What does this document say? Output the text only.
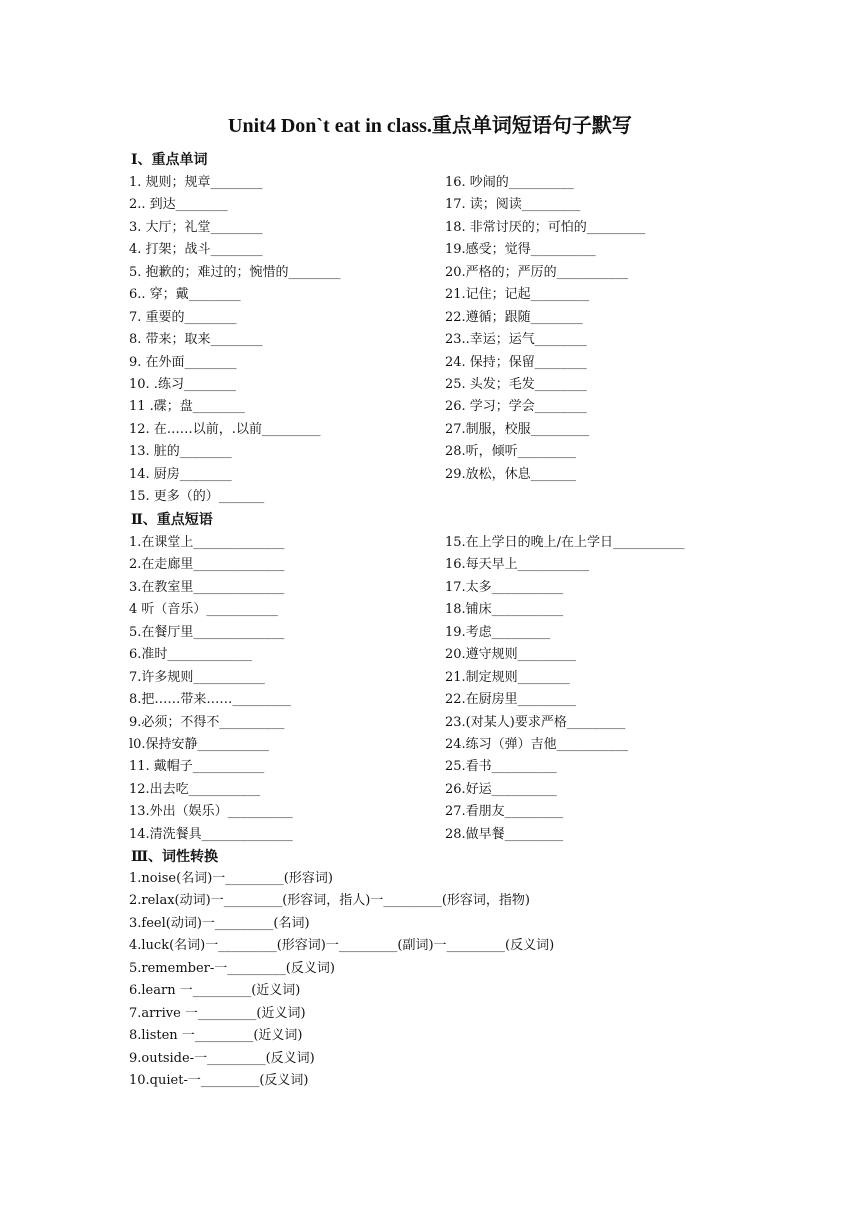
Unit4 Don`t eat in class.重点单词短语句子默写
Ⅰ、重点单词
1. 规则；规章________
2.. 到达________
3. 大厅；礼堂________
4. 打架；战斗________
5. 抱歉的；难过的；惋惜的________
6.. 穿；戴________
7. 重要的________
8. 带来；取来________
9. 在外面________
10. .练习________
11 .碟；盘________
12. 在……以前，.以前_________
13. 脏的________
14. 厨房________
15. 更多（的）_______
16. 吵闹的__________
17. 读；阅读_________
18. 非常讨厌的；可怕的_________
19.感受；觉得__________
20.严格的；严厉的___________
21.记住；记起_________
22.遵循；跟随________
23..幸运；运气________
24. 保持；保留________
25. 头发；毛发________
26. 学习；学会________
27.制服，校服_________
28.听，倾听_________
29.放松，休息_______
Ⅱ、重点短语
1.在课堂上______________
2.在走廊里______________
3.在教室里______________
4 听（音乐）___________
5.在餐厅里______________
6.准时_____________
7.许多规则___________
8.把……带来……_________
9.必须；不得不__________
l0.保持安静___________
11. 戴帽子___________
12.出去吃___________
13.外出（娱乐）__________
14.清洗餐具______________
15.在上学日的晚上/在上学日___________
16.每天早上___________
17.太多___________
18.铺床___________
19.考虑_________
20.遵守规则_________
21.制定规则________
22.在厨房里_________
23.(对某人)要求严格_________
24.练习（弹）吉他___________
25.看书__________
26.好运__________
27.看朋友_________
28.做早餐_________
Ⅲ、词性转换
1.noise(名词)一_________(形容词)
2.relax(动词)一_________(形容词，指人)一_________(形容词，指物)
3.feel(动词)一_________(名词)
4.luck(名词)一_________(形容词)一_________(副词)一_________(反义词)
5.remember-一_________(反义词)
6.learn 一_________(近义词)
7.arrive 一_________(近义词)
8.listen 一_________(近义词)
9.outside-一_________(反义词)
10.quiet-一_________(反义词)
